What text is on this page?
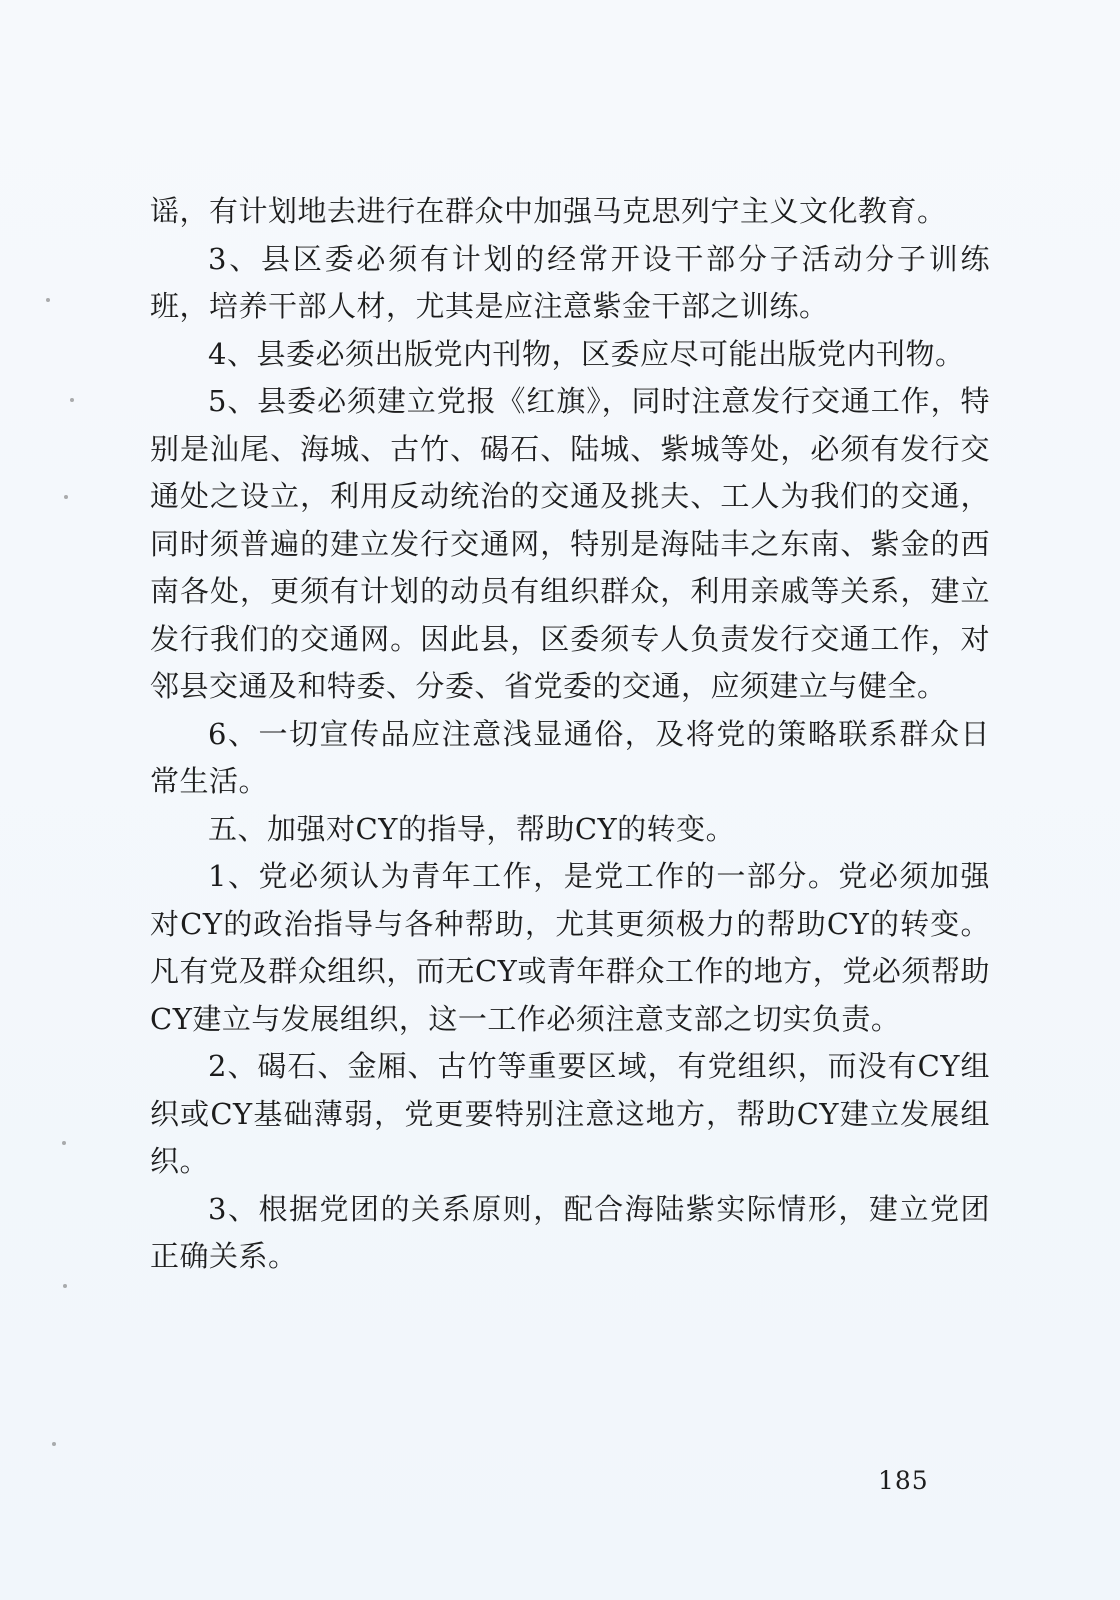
谣，有计划地去进行在群众中加强马克思列宁主义文化教育。

3、县区委必须有计划的经常开设干部分子活动分子训练班，培养干部人材，尤其是应注意紫金干部之训练。

4、县委必须出版党内刊物，区委应尽可能出版党内刊物。

5、县委必须建立党报《红旗》，同时注意发行交通工作，特别是汕尾、海城、古竹、碣石、陆城、紫城等处，必须有发行交通处之设立，利用反动统治的交通及挑夫、工人为我们的交通，同时须普遍的建立发行交通网，特别是海陆丰之东南、紫金的西南各处，更须有计划的动员有组织群众，利用亲戚等关系，建立发行我们的交通网。因此县，区委须专人负责发行交通工作，对邻县交通及和特委、分委、省党委的交通，应须建立与健全。

6、一切宣传品应注意浅显通俗，及将党的策略联系群众日常生活。

五、加强对CY的指导，帮助CY的转变。

1、党必须认为青年工作，是党工作的一部分。党必须加强对CY的政治指导与各种帮助，尤其更须极力的帮助CY的转变。凡有党及群众组织，而无CY或青年群众工作的地方，党必须帮助CY建立与发展组织，这一工作必须注意支部之切实负责。

2、碣石、金厢、古竹等重要区域，有党组织，而没有CY组织或CY基础薄弱，党更要特别注意这地方，帮助CY建立发展组织。

3、根据党团的关系原则，配合海陆紫实际情形，建立党团正确关系。

185
